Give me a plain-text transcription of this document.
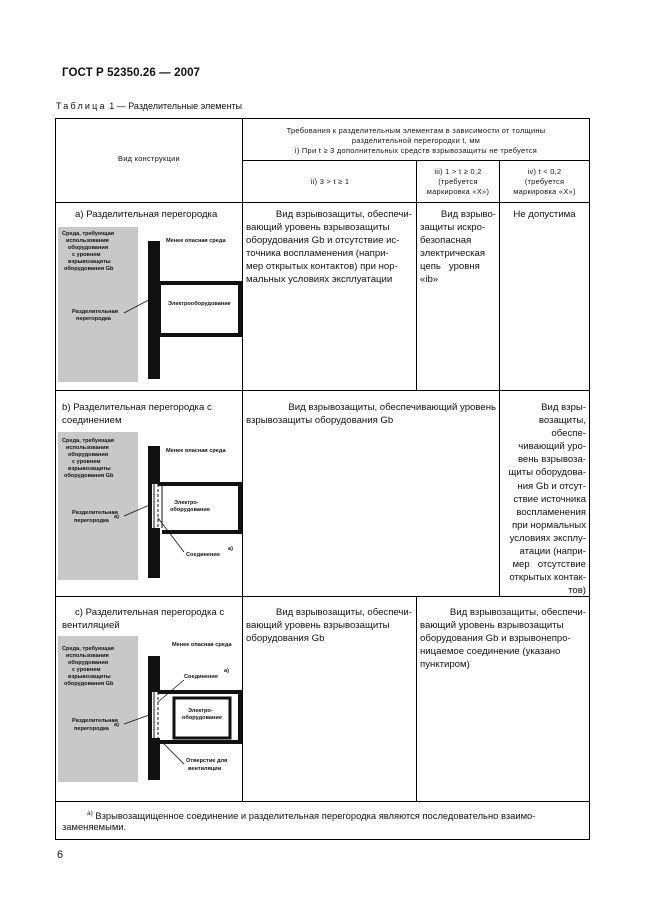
ГОСТ Р 52350.26 — 2007
Таблица 1 — Разделительные элементы
Вид конструкции
Требования к разделительным элементам в зависимости от толщины
разделительной перегородки t, мм
i) При t ≥ 3 дополнительных средств взрывозащиты не требуется
ii) 3 > t ≥ 1
iii) 1 > t ≥ 0,2
(требуется
маркировка «X»)
iv) t < 0,2
(требуется
маркировка «X»)
a) Разделительная перегородка
Среда, требующая
использования
оборудования
с уровнем
взрывозащиты
оборудования Gb
Менее опасная среда
Электрооборудование
Разделительная
перегородка
Вид взрывозащиты, обеспечи-
вающий уровень взрывозащиты
оборудования Gb и отсутствие ис-
точника воспламенения (напри-
мер открытых контактов) при нор-
мальных условиях эксплуатации
Вид взрыво-
защиты искро-
безопасная
электрическая
цепь   уровня
«ib»
Не допустима
b) Разделительная перегородка с
соединением
Среда, требующая
использования
оборудования
с уровнем
взрывозащиты
оборудования Gb
Менее опасная среда
Электро-
оборудование
Разделительная
перегородка
a)
Соединение
a)
Вид взрывозащиты, обеспечивающий уровень
взрывозащиты оборудования Gb
Вид взры-
возащиты, обеспе-
чивающий уро-
вень взрывоза-
щиты оборудова-
ния Gb и отсут-
ствие источника
воспламенения
при нормальных
условиях эксплу-
атации (напри-
мер   отсутствие
открытых контак-
тов)
c) Разделительная перегородка с
вентиляцией
Среда, требующая
использования
оборудования
с уровнем
взрывозащиты
оборудования Gb
Менее опасная среда
Соединение
a)
Электро-
оборудование
Разделительная
перегородка
a)
Отверстие для
вентиляции
Вид взрывозащиты, обеспечи-
вающий уровень взрывозащиты
оборудования Gb
Вид взрывозащиты, обеспечи-
вающий уровень взрывозащиты
оборудования Gb и взрывонепро-
ницаемое соединение (указано
пунктиром)
$^{a)}$ Взрывозащищенное соединение и разделительная перегородка являются последовательно взаимо-
заменяемыми.
6
